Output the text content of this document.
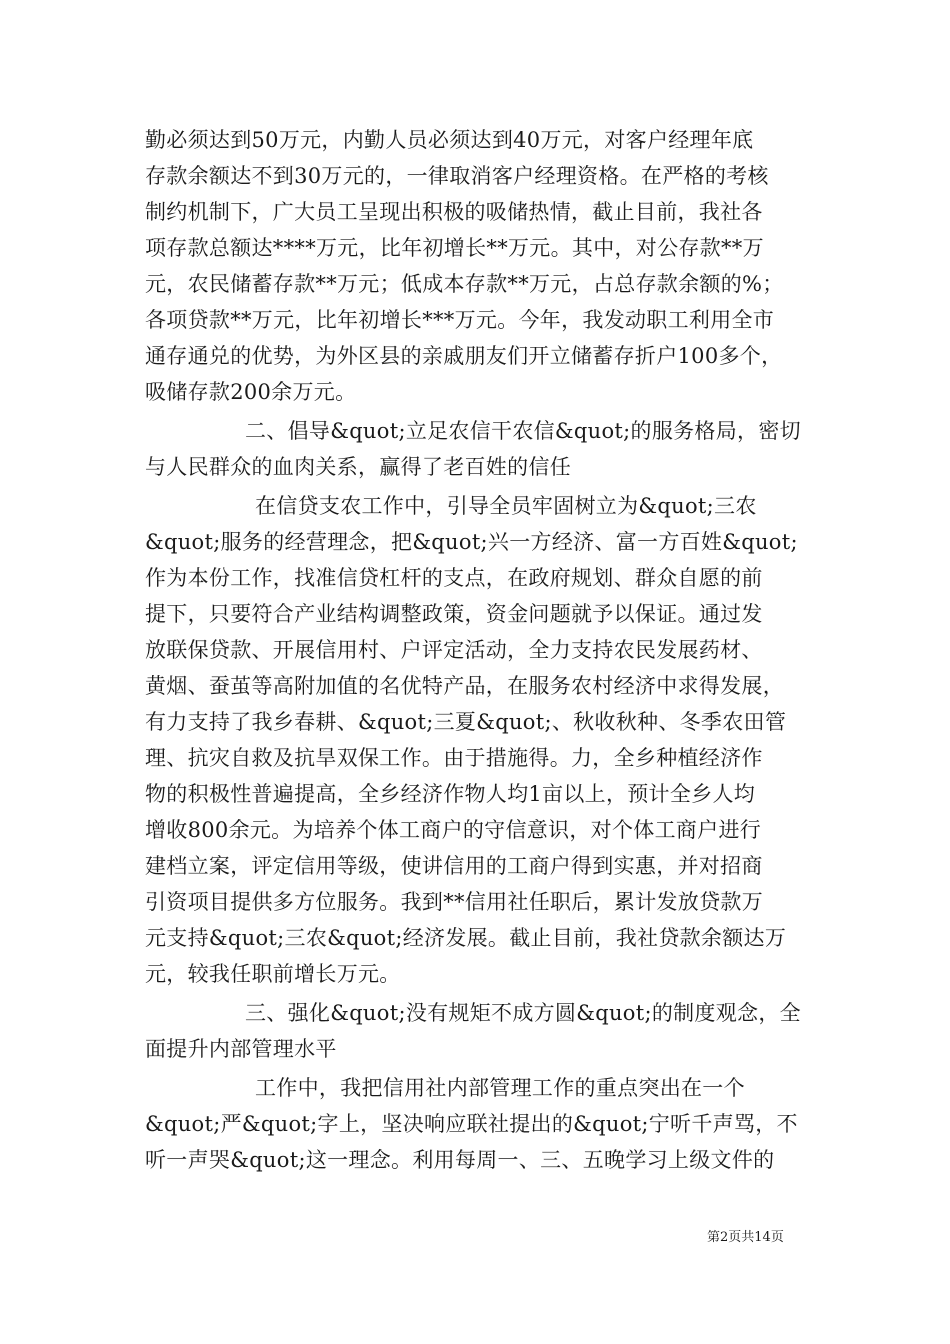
勤必须达到50万元，内勤人员必须达到40万元，对客户经理年底
存款余额达不到30万元的，一律取消客户经理资格。在严格的考核
制约机制下，广大员工呈现出积极的吸储热情，截止目前，我社各
项存款总额达****万元，比年初增长**万元。其中，对公存款**万
元，农民储蓄存款**万元；低成本存款**万元，占总存款余额的%；
各项贷款**万元，比年初增长***万元。今年，我发动职工利用全市
通存通兑的优势，为外区县的亲戚朋友们开立储蓄存折户100多个，
吸储存款200余万元。
二、倡导&quot;立足农信干农信&quot;的服务格局，密切
与人民群众的血肉关系，赢得了老百姓的信任
在信贷支农工作中，引导全员牢固树立为&quot;三农
&quot;服务的经营理念，把&quot;兴一方经济、富一方百姓&quot;
作为本份工作，找准信贷杠杆的支点，在政府规划、群众自愿的前
提下，只要符合产业结构调整政策，资金问题就予以保证。通过发
放联保贷款、开展信用村、户评定活动，全力支持农民发展药材、
黄烟、蚕茧等高附加值的名优特产品，在服务农村经济中求得发展，
有力支持了我乡春耕、&quot;三夏&quot;、秋收秋种、冬季农田管
理、抗灾自救及抗旱双保工作。由于措施得。力，全乡种植经济作
物的积极性普遍提高，全乡经济作物人均1亩以上，预计全乡人均
增收800余元。为培养个体工商户的守信意识，对个体工商户进行
建档立案，评定信用等级，使讲信用的工商户得到实惠，并对招商
引资项目提供多方位服务。我到**信用社任职后，累计发放贷款万
元支持&quot;三农&quot;经济发展。截止目前，我社贷款余额达万
元，较我任职前增长万元。
三、强化&quot;没有规矩不成方圆&quot;的制度观念，全
面提升内部管理水平
工作中，我把信用社内部管理工作的重点突出在一个
&quot;严&quot;字上，坚决响应联社提出的&quot;宁听千声骂，不
听一声哭&quot;这一理念。利用每周一、三、五晚学习上级文件的
第2页共14页
